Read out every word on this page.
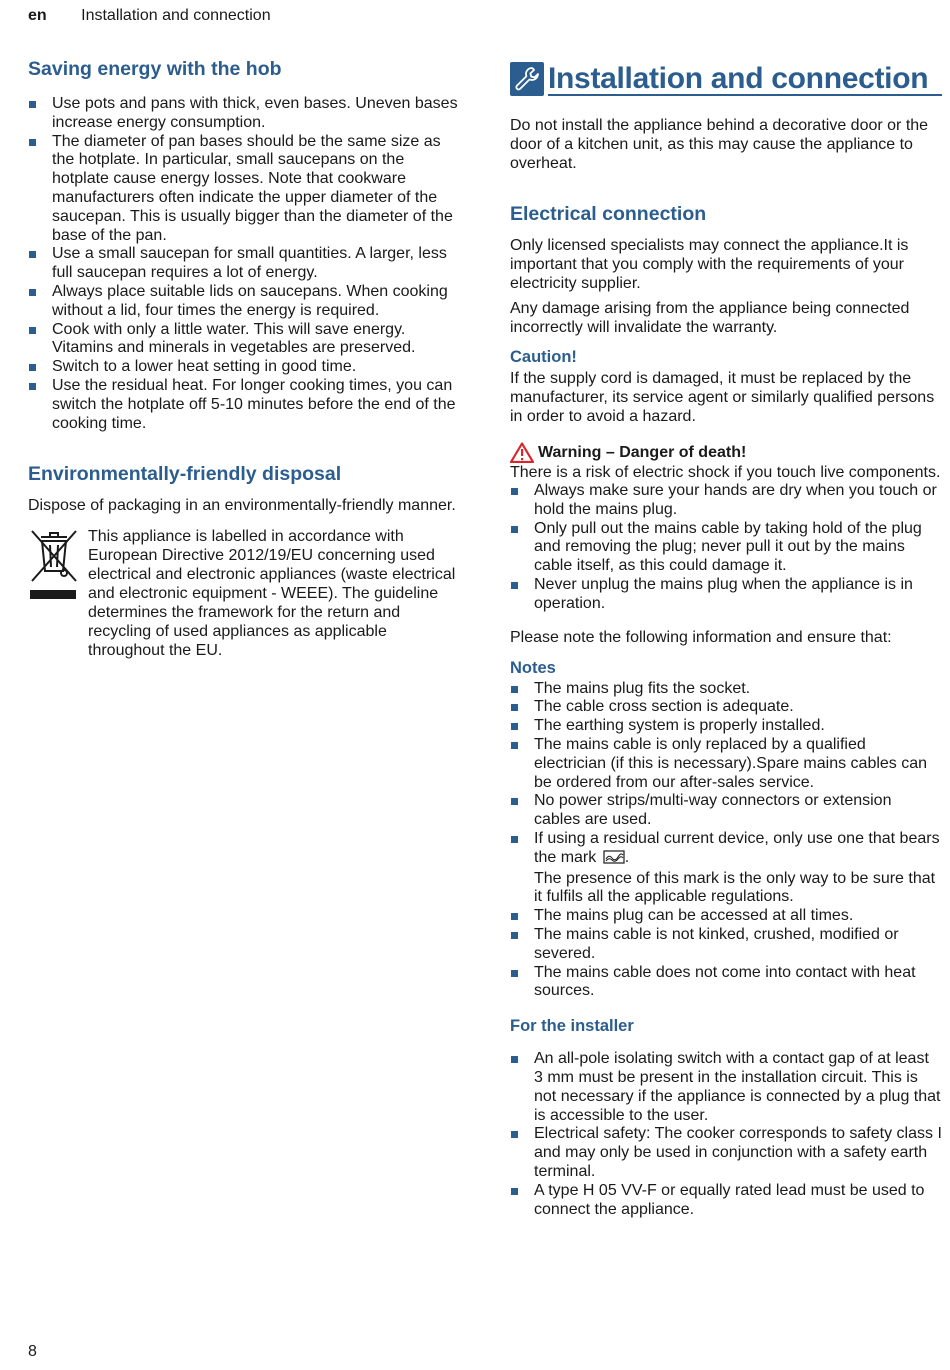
en Installation and connection
Saving energy with the hob
Use pots and pans with thick, even bases. Uneven bases increase energy consumption.
The diameter of pan bases should be the same size as the hotplate. In particular, small saucepans on the hotplate cause energy losses. Note that cookware manufacturers often indicate the upper diameter of the saucepan. This is usually bigger than the diameter of the base of the pan.
Use a small saucepan for small quantities. A larger, less full saucepan requires a lot of energy.
Always place suitable lids on saucepans. When cooking without a lid, four times the energy is required.
Cook with only a little water. This will save energy. Vitamins and minerals in vegetables are preserved.
Switch to a lower heat setting in good time.
Use the residual heat. For longer cooking times, you can switch the hotplate off 5-10 minutes before the end of the cooking time.
Environmentally-friendly disposal

Dispose of packaging in an environmentally-friendly manner.

This appliance is labelled in accordance with European Directive 2012/19/EU concerning used electrical and electronic appliances (waste electrical and electronic equipment - WEEE). The guideline determines the framework for the return and recycling of used appliances as applicable throughout the EU.

Installation and connection

Do not install the appliance behind a decorative door or the door of a kitchen unit, as this may cause the appliance to overheat.

Electrical connection

Only licensed specialists may connect the appliance.It is important that you comply with the requirements of your electricity supplier.

Any damage arising from the appliance being connected incorrectly will invalidate the warranty.

Caution!

If the supply cord is damaged, it must be replaced by the manufacturer, its service agent or similarly qualified persons in order to avoid a hazard.

Warning – Danger of death!

There is a risk of electric shock if you touch live components.

Always make sure your hands are dry when you touch or hold the mains plug.
Only pull out the mains cable by taking hold of the plug and removing the plug; never pull it out by the mains cable itself, as this could damage it.
Never unplug the mains plug when the appliance is in operation.

Please note the following information and ensure that:

Notes
The mains plug fits the socket.
The cable cross section is adequate.
The earthing system is properly installed.
The mains cable is only replaced by a qualified electrician (if this is necessary).Spare mains cables can be ordered from our after-sales service.
No power strips/multi-way connectors or extension cables are used.
If using a residual current device, only use one that bears the mark .
The presence of this mark is the only way to be sure that it fulfils all the applicable regulations.
The mains plug can be accessed at all times.
The mains cable is not kinked, crushed, modified or severed.
The mains cable does not come into contact with heat sources.
For the installer
An all-pole isolating switch with a contact gap of at least 3 mm must be present in the installation circuit. This is not necessary if the appliance is connected by a plug that is accessible to the user.
Electrical safety: The cooker corresponds to safety class I and may only be used in conjunction with a safety earth terminal.
A type H 05 VV-F or equally rated lead must be used to connect the appliance.
8
